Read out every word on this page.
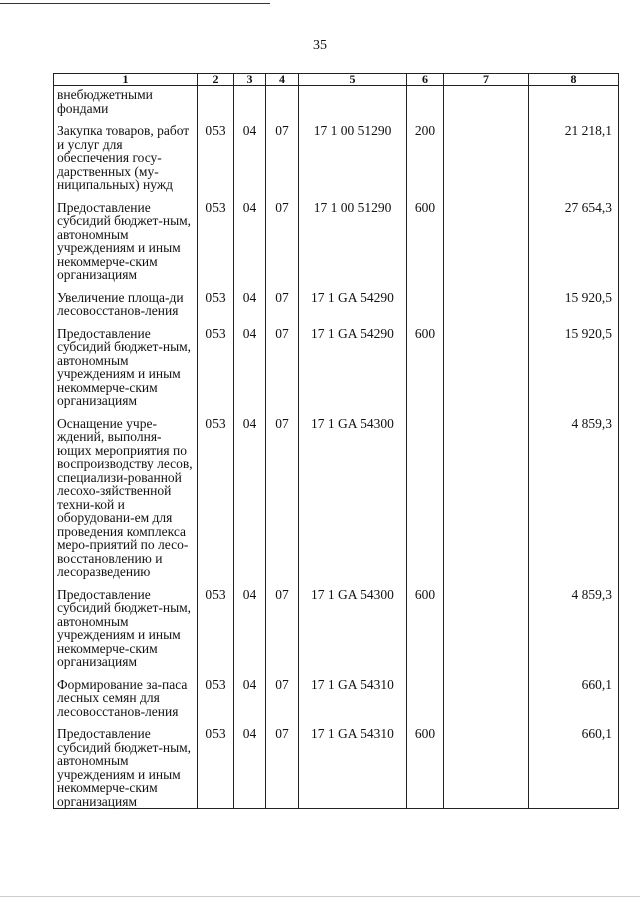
35
1	2	3	4	5	6	7	8
внебюджетными фондами							
Закупка товаров, работ и услуг для обеспечения госу-дарственных (му-ниципальных) нужд	053	04	07	17 1 00 51290	200		21 218,1
Предоставление субсидий бюджет-ным, автономным учреждениям и иным некоммерче-ским организациям	053	04	07	17 1 00 51290	600		27 654,3
Увеличение площа-ди лесовосстанов-ления	053	04	07	17 1 GA 54290			15 920,5
Предоставление субсидий бюджет-ным, автономным учреждениям и иным некоммерче-ским организациям	053	04	07	17 1 GA 54290	600		15 920,5
Оснащение учре-ждений, выполня-ющих мероприятия по воспроизводству лесов, специализи-рованной лесохо-зяйственной техни-кой и оборудовани-ем для проведения комплекса меро-приятий по лесо-восстановлению и лесоразведению	053	04	07	17 1 GA 54300			4 859,3
Предоставление субсидий бюджет-ным, автономным учреждениям и иным некоммерче-ским организациям	053	04	07	17 1 GA 54300	600		4 859,3
Формирование за-паса лесных семян для лесовосстанов-ления	053	04	07	17 1 GA 54310			660,1
Предоставление субсидий бюджет-ным, автономным учреждениям и иным некоммерче-ским организациям	053	04	07	17 1 GA 54310	600		660,1
